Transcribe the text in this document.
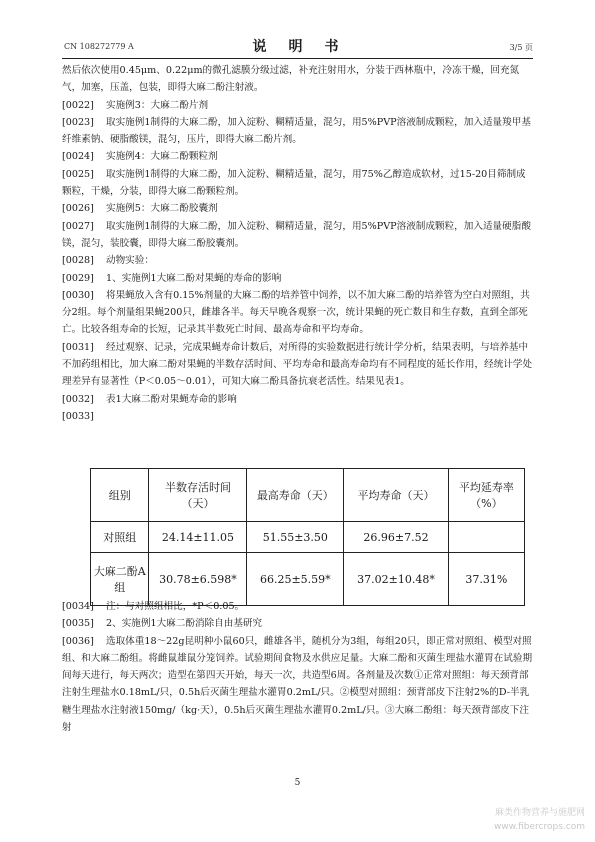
CN 108272779 A	说　明　书	3/5 页

然后依次使用0.45μm、0.22μm的微孔滤膜分级过滤，补充注射用水，分装于西林瓶中，冷冻干燥，回充氮气，加塞，压盖，包装，即得大麻二酚注射液。

[0022] 实施例3：大麻二酚片剂

[0023] 取实施例1制得的大麻二酚，加入淀粉、糊精适量，混匀，用5%PVP溶液制成颗粒，加入适量羧甲基纤维素钠、硬脂酸镁，混匀，压片，即得大麻二酚片剂。

[0024] 实施例4：大麻二酚颗粒剂

[0025] 取实施例1制得的大麻二酚，加入淀粉、糊精适量，混匀，用75%乙醇造成软材，过15-20目筛制成颗粒，干燥，分装，即得大麻二酚颗粒剂。

[0026] 实施例5：大麻二酚胶囊剂

[0027] 取实施例1制得的大麻二酚，加入淀粉、糊精适量，混匀，用5%PVP溶液制成颗粒，加入适量硬脂酸镁，混匀，装胶囊，即得大麻二酚胶囊剂。

[0028] 动物实验：

[0029] 1、实施例1大麻二酚对果蝇的寿命的影响

[0030] 将果蝇放入含有0.15%剂量的大麻二酚的培养管中饲养，以不加大麻二酚的培养管为空白对照组，共分2组。每个剂量组果蝇200只，雌雄各半。每天早晚各观察一次，统计果蝇的死亡数目和生存数，直到全部死亡。比较各组寿命的长短，记录其半数死亡时间、最高寿命和平均寿命。

[0031] 经过观察、记录，完成果蝇寿命计数后，对所得的实验数据进行统计学分析，结果表明，与培养基中不加药组相比，加大麻二酚对果蝇的半数存活时间、平均寿命和最高寿命均有不同程度的延长作用，经统计学处理差异有显著性（P＜0.05～0.01），可知大麻二酚具备抗衰老活性。结果见表1。

[0032] 表1大麻二酚对果蝇寿命的影响

[0033]

组别	半数存活时间（天）	最高寿命（天）	平均寿命（天）	平均延寿率（%）
对照组	24.14±11.05	51.55±3.50	26.96±7.52	
大麻二酚A组	30.78±6.598*	66.25±5.59*	37.02±10.48*	37.31%

[0034] 注：与对照组相比，*P＜0.05。

[0035] 2、实施例1大麻二酚消除自由基研究

[0036] 选取体重18～22g昆明种小鼠60只，雌雄各半，随机分为3组，每组20只，即正常对照组、模型对照组、和大麻二酚组。将雌鼠雄鼠分笼饲养。试验期间食物及水供应足量。大麻二酚和灭菌生理盐水灌胃在试验期间每天进行，每天两次；造型在第四天开始，每天一次，共造型6周。各剂量及次数①正常对照组：每天颈背部注射生理盐水0.18mL/只，0.5h后灭菌生理盐水灌胃0.2mL/只。②模型对照组：颈背部皮下注射2%的D-半乳糖生理盐水注射液150mg/（kg·天），0.5h后灭菌生理盐水灌胃0.2mL/只。③大麻二酚组：每天颈背部皮下注射

5
麻类作物营养与施肥网
www.fibercrops.com
